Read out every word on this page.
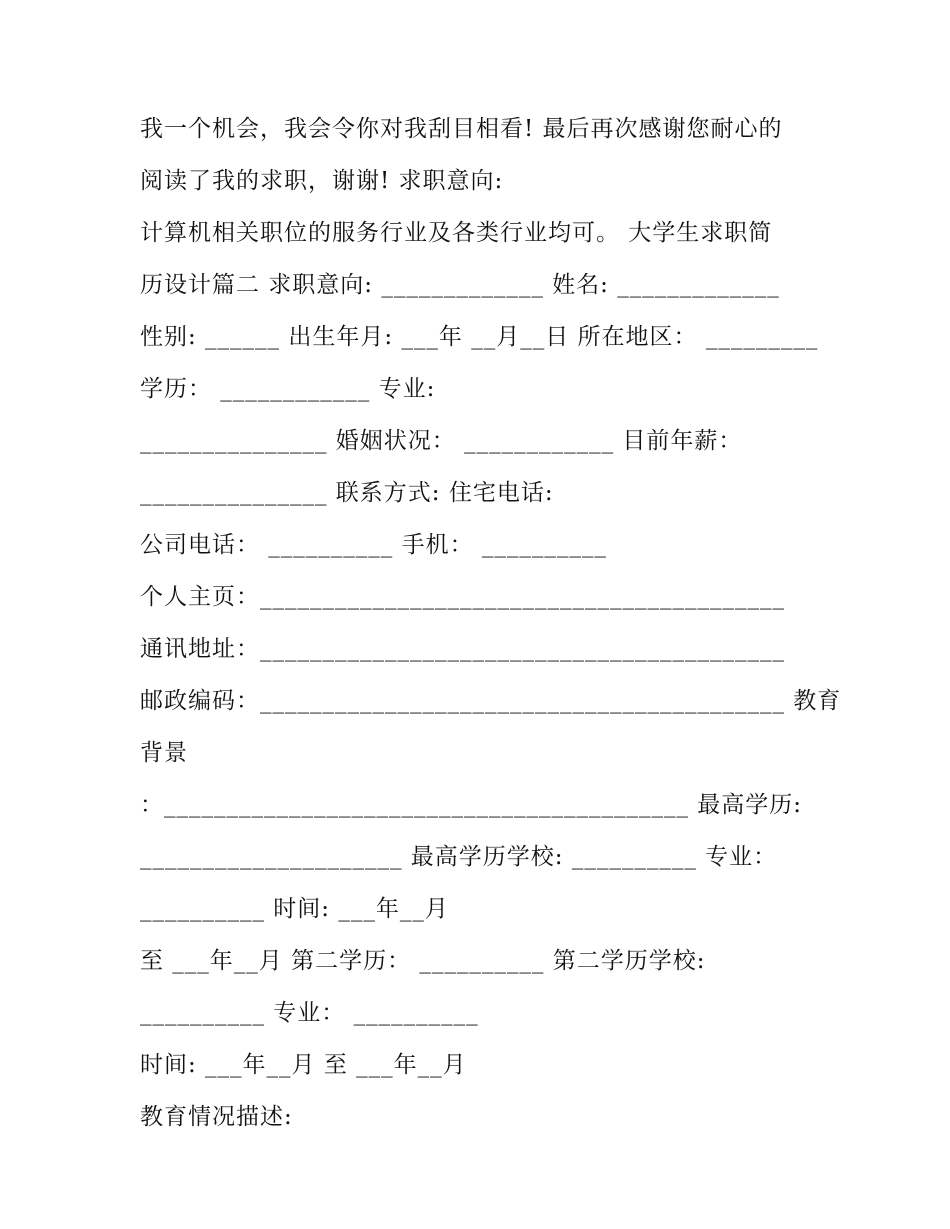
我一个机会，我会令你对我刮目相看! 最后再次感谢您耐心的
阅读了我的求职，谢谢! 求职意向:
计算机相关职位的服务行业及各类行业均可。 大学生求职简
历设计篇二 求职意向: _____________ 姓名: _____________
性别: ______ 出生年月: ___年 __月__日 所在地区： _________
学历： ____________ 专业:
_______________ 婚姻状况： ____________ 目前年薪：
_______________ 联系方式: 住宅电话:
公司电话： __________ 手机： __________
个人主页：__________________________________________
通讯地址：__________________________________________
邮政编码：__________________________________________ 教育
背景
：__________________________________________ 最高学历:
_____________________ 最高学历学校: __________ 专业：
__________ 时间: ___年__月
至 ___年__月 第二学历： __________ 第二学历学校:
__________ 专业： __________
时间: ___年__月 至 ___年__月
教育情况描述:
